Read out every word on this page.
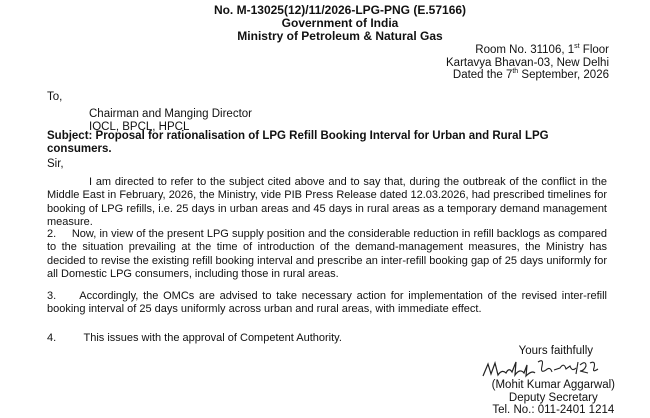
No. M-13025(12)/11/2026-LPG-PNG (E.57166)
Government of India
Ministry of Petroleum & Natural Gas
Room No. 31106, 1st Floor
Kartavya Bhavan-03, New Delhi
Dated the 7th September, 2026
To,
Chairman and Manging Director
IOCL, BPCL, HPCL
Subject: Proposal for rationalisation of LPG Refill Booking Interval for Urban and Rural LPG consumers.
Sir,
I am directed to refer to the subject cited above and to say that, during the outbreak of the conflict in the Middle East in February, 2026, the Ministry, vide PIB Press Release dated 12.03.2026, had prescribed timelines for booking of LPG refills, i.e. 25 days in urban areas and 45 days in rural areas as a temporary demand management measure.
2.     Now, in view of the present LPG supply position and the considerable reduction in refill backlogs as compared to the situation prevailing at the time of introduction of the demand-management measures, the Ministry has decided to revise the existing refill booking interval and prescribe an inter-refill booking gap of 25 days uniformly for all Domestic LPG consumers, including those in rural areas.
3.     Accordingly, the OMCs are advised to take necessary action for implementation of the revised inter-refill booking interval of 25 days uniformly across urban and rural areas, with immediate effect.
4.         This issues with the approval of Competent Authority.
Yours faithfully
(Mohit Kumar Aggarwal)
Deputy Secretary
Tel. No.: 011-2401 1214
